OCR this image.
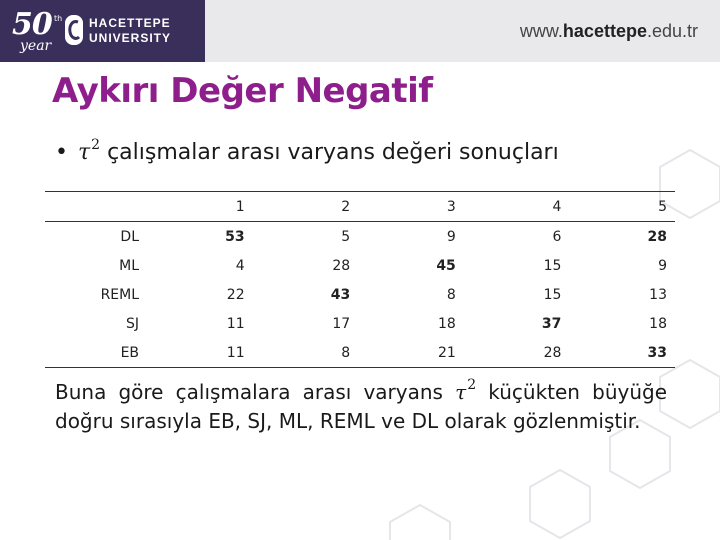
50 th
year
HACETTEPE
UNIVERSITY	www.hacettepe.edu.tr
Aykırı Değer Negatif
• $\tau^2$ çalışmalar arası varyans değeri sonuçları
	1	2	3	4	5
DL	53	5	9	6	28
ML	4	28	45	15	9
REML	22	43	8	15	13
SJ	11	17	18	37	18
EB	11	8	21	28	33

Buna göre çalışmalara arası varyans $\tau^2$ küçükten büyüğe doğru sırasıyla EB, SJ, ML, REML ve DL olarak gözlenmiştir.
